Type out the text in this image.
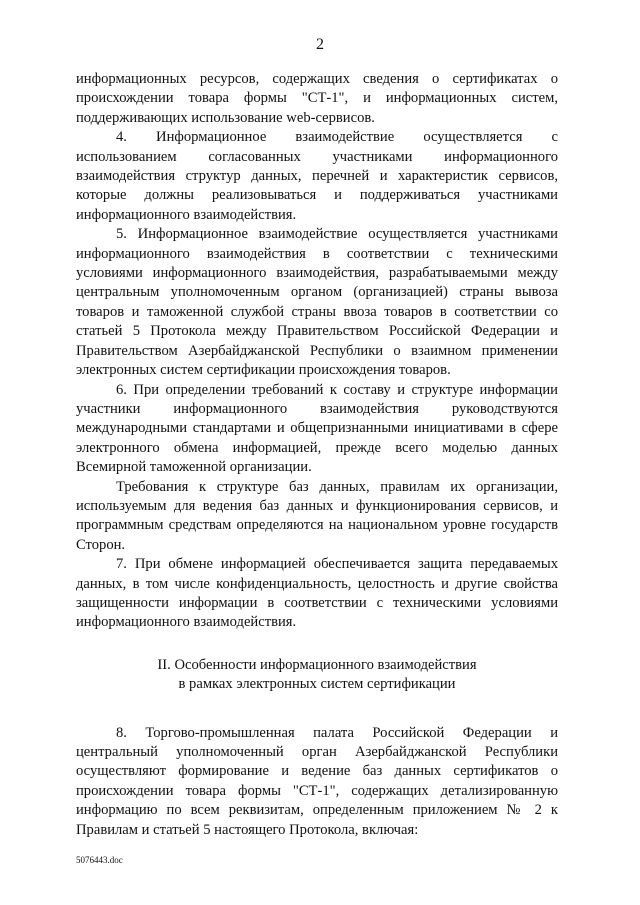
2

информационных ресурсов, содержащих сведения о сертификатах о происхождении товара формы "СТ-1", и информационных систем, поддерживающих использование web-сервисов.

4. Информационное взаимодействие осуществляется с использованием согласованных участниками информационного взаимодействия структур данных, перечней и характеристик сервисов, которые должны реализовываться и поддерживаться участниками информационного взаимодействия.

5. Информационное взаимодействие осуществляется участниками информационного взаимодействия в соответствии с техническими условиями информационного взаимодействия, разрабатываемыми между центральным уполномоченным органом (организацией) страны вывоза товаров и таможенной службой страны ввоза товаров в соответствии со статьей 5 Протокола между Правительством Российской Федерации и Правительством Азербайджанской Республики о взаимном применении электронных систем сертификации происхождения товаров.

6. При определении требований к составу и структуре информации участники информационного взаимодействия руководствуются международными стандартами и общепризнанными инициативами в сфере электронного обмена информацией, прежде всего моделью данных Всемирной таможенной организации.

Требования к структуре баз данных, правилам их организации, используемым для ведения баз данных и функционирования сервисов, и программным средствам определяются на национальном уровне государств Сторон.

7. При обмене информацией обеспечивается защита передаваемых данных, в том числе конфиденциальность, целостность и другие свойства защищенности информации в соответствии с техническими условиями информационного взаимодействия.

II. Особенности информационного взаимодействия
в рамках электронных систем сертификации

8. Торгово-промышленная палата Российской Федерации и центральный уполномоченный орган Азербайджанской Республики осуществляют формирование и ведение баз данных сертификатов о происхождении товара формы "СТ-1", содержащих детализированную информацию по всем реквизитам, определенным приложением № 2 к Правилам и статьей 5 настоящего Протокола, включая:

5076443.doc
